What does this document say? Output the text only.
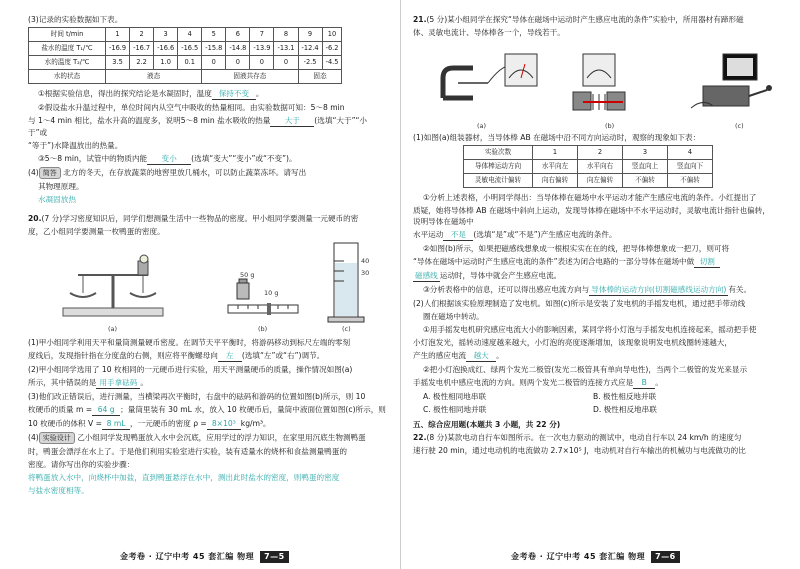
(3)记录的实验数据如下表。

时间 t/min	1	2	3	4	5	6	7	8	9	10
盐水的温度 T₁/℃	-16.9	-16.7	-16.6	-16.5	-15.8	-14.8	-13.9	-13.1	-12.4	-6.2
水的温度 T₂/℃	3.5	2.2	1.0	0.1	0	0	0	0	-2.5	-4.5
水的状态	液态				固液共存态				固态	

①根据实验信息，得出的探究结论是水凝固时，温度 保持不变 。

②假设盐水升温过程中，单位时间内从空气中吸收的热量相同。由实验数据可知：5～8 min

与 1～4 min 相比，盐水升高的温度多，说明5～8 min 盐水吸收的热量 大于 (选填“大于”“小于”或

“等于”)水降温放出的热量。

③5～8 min，试管中的物质内能 变小 (选填“变大”“变小”或“不变”)。

(4) 简答 北方的冬天，在存放蔬菜的地窖里放几桶水，可以防止蔬菜冻坏。请写出

其物理原理。

水凝固放热

20.(7 分)学习密度知识后，同学们想测量生活中一些物品的密度。甲小组同学要测量一元硬币的密

度，乙小组同学要测量一枚鸭蛋的密度。

(a)
50 g
10 g
(b)
40
30
(c)

(1)甲小组同学利用天平和量筒测量硬币密度。在调节天平平衡时，将游码移动到标尺左端的零刻

度线后，发现指针指在分度盘的右侧，则应将平衡螺母向 左 (选填“左”或“右”)调节。

(2)甲小组同学选用了 10 枚相同的一元硬币进行实验，用天平测量硬币的质量，操作情况如图(a)

所示，其中错误的是 用手拿砝码 。

(3)他们改正错误后，进行测量，当横梁再次平衡时，右盘中的砝码和游码的位置如图(b)所示，则 10

枚硬币的质量 m = 64 g ；量筒里装有 30 mL 水，放入 10 枚硬币后，量筒中液面位置如图(c)所示，则

10 枚硬币的体积 V = 8 mL ，一元硬币的密度 ρ = 8×10³ kg/m³。

(4) 实验设计 乙小组同学发现鸭蛋放入水中会沉底，应用学过的浮力知识，在家里用沉底生物测鸭蛋

时，鸭蛋会漂浮在水上了。于是他们利用实验室进行实验，装有适量水的烧杯和食盐测量鸭蛋的

密度。请你写出你的实验步骤：

将鸭蛋放入水中，向烧杯中加盐，直到鸭蛋悬浮在水中，测出此时盐水的密度，则鸭蛋的密度

与盐水密度相等。

金考卷 · 辽宁中考 45 套汇编 物理 7—5

21.(5 分)某小组同学在探究“导体在磁场中运动时产生感应电流的条件”实验中，所用器材有蹄形磁

体、灵敏电流计、导体棒各一个，导线若干。

(a)	(b)	(c)

(1)如图(a)组装器材，当导体棒 AB 在磁场中沿不同方向运动时，观察的现象如下表：

实验次数	1	2	3	4
导体棒运动方向	水平向左	水平向右	竖直向上	竖直向下
灵敏电流计偏转	向右偏转	向左偏转	不偏转	不偏转

①分析上述表格，小明同学得出：当导体棒在磁场中水平运动才能产生感应电流的条件。小红提出了

质疑，她将导体棒 AB 在磁场中斜向上运动，发现导体棒在磁场中不水平运动时，灵敏电流计指针也偏转，说明导体在磁场中

水平运动 不是 (选填“是”或“不是”)产生感应电流的条件。

②如图(b)所示，如果把磁感线想象成一根根实实在在的线，把导体棒想象成一把刀，则可将

“导体在磁场中运动时产生感应电流的条件”表述为闭合电路的一部分导体在磁场中做 切割

磁感线 运动时，导体中就会产生感应电流。

③分析表格中的信息，还可以得出感应电流方向与 导体棒的运动方向(切割磁感线运动方向) 有关。

(2)人们根据该实验原理制造了发电机。如图(c)所示是安装了发电机的手摇发电机，通过把手带动线

圈在磁场中转动。

①用手摇发电机研究感应电流大小的影响因素，某同学将小灯泡与手摇发电机连接起来，摇动把手使

小灯泡发光，摇转动速度越来越大，小灯泡的亮度逐渐增加，该现象说明发电机线圈转速越大，

产生的感应电流 越大 。

②把小灯泡换成红、绿两个发光二极管(发光二极管具有单向导电性)，当两个二极管的发光来显示

手摇发电机中感应电流的方向。则两个发光二极管的连接方式应是 B 。

A. 极性相同地串联	B. 极性相反地并联

C. 极性相同地并联	D. 极性相反地串联

五、综合应用题(本题共 3 小题，共 22 分)

22.(8 分)某款电动自行车如图所示。在一次电力驱动的测试中，电动自行车以 24 km/h 的速度匀

速行驶 20 min，通过电动机的电流做功 2.7×10⁵ J，电动机对自行车输出的机械功与电流做功的比

金考卷 · 辽宁中考 45 套汇编 物理 7—6
